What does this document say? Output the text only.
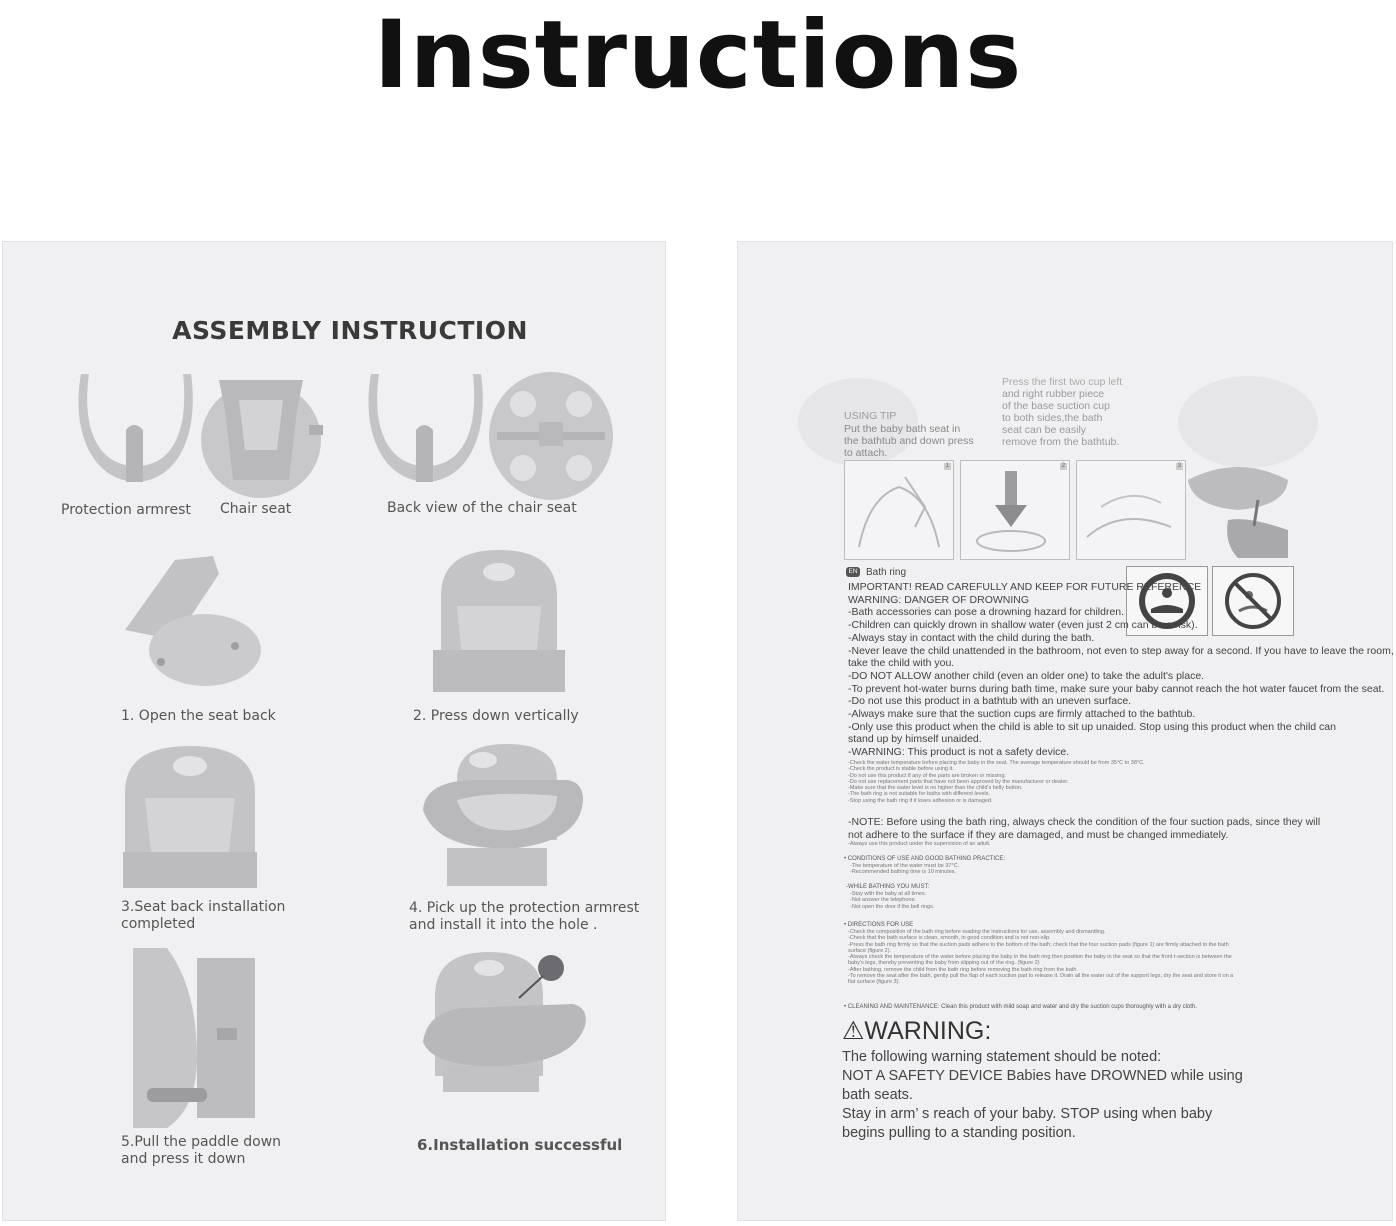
Instructions
ASSEMBLY INSTRUCTION
Protection armrest Chair seat	Back view of the chair seat
1. Open the seat back	2. Press down vertically
3.Seat back installation
completed
4. Pick up the protection armrest
and install it into the hole .
5.Pull the paddle down
and press it down
6.Installation successful
USING TIP
Put the baby bath seat in
the bathtub and down press
to attach.
Press the first two cup left
and right rubber piece
of the base suction cup
to both sides,the bath
seat can be easily
remove from the bathtub.
1	2	3
EN Bath ring
IMPORTANT! READ CAREFULLY AND KEEP FOR FUTURE REFERENCE
WARNING: DANGER OF DROWNING
-Bath accessories can pose a drowning hazard for children.
-Children can quickly drown in shallow water (even just 2 cm can be a risk).
-Always stay in contact with the child during the bath.
-Never leave the child unattended in the bathroom, not even to step away for a second. If you have to leave the room,
take the child with you.
-DO NOT ALLOW another child (even an older one) to take the adult's place.
-To prevent hot-water burns during bath time, make sure your baby cannot reach the hot water faucet from the seat.
-Do not use this product in a bathtub with an uneven surface.
-Always make sure that the suction cups are firmly attached to the bathtub.
-Only use this product when the child is able to sit up unaided. Stop using this product when the child can
stand up by himself unaided.
-WARNING: This product is not a safety device.
-Check the water temperature before placing the baby in the seat. The average temperature should be from 35°C to 38°C.
-Check the product is stable before using it.
-Do not use this product if any of the parts are broken or missing.
-Do not use replacement parts that have not been approved by the manufacturer or dealer.
-Make sure that the water level is no higher than the child's belly button.
-The bath ring is not suitable for baths with different levels.
-Stop using the bath ring if it loses adhesion or is damaged.
-NOTE: Before using the bath ring, always check the condition of the four suction pads, since they will
not adhere to the surface if they are damaged, and must be changed immediately.
-Always use this product under the supervision of an adult.
• CONDITIONS OF USE AND GOOD BATHING PRACTICE:
-The temperature of the water must be 37°C.
-Recommended bathing time is 10 minutes.
-WHILE BATHING YOU MUST:
-Stay with the baby at all times.
-Not answer the telephone.
-Not open the door if the bell rings.
• DIRECTIONS FOR USE
-Check the composition of the bath ring before reading the instructions for use, assembly and dismantling.
-Check that the bath surface is clean, smooth, in good condition and is not non-slip.
-Press the bath ring firmly so that the suction pads adhere to the bottom of the bath; check that the four suction pads (figure 1) are firmly attached to the bath
surface (figure 2).
-Always check the temperature of the water before placing the baby in the bath ring then position the baby in the seat so that the front t-section is between the
baby's legs, thereby preventing the baby from slipping out of the ring. (figure 2)
-After bathing, remove the child from the bath ring before removing the bath ring from the bath.
-To remove the seat after the bath, gently pull the flap of each suction pad to release it. Drain all the water out of the support legs, dry the seat and store it on a
flat surface (figure 3).
• CLEANING AND MAINTENANCE: Clean this product with mild soap and water and dry the suction cups thoroughly with a dry cloth.
⚠WARNING:
The following warning statement should be noted:
NOT A SAFETY DEVICE Babies have DROWNED while using
bath seats.
Stay in arm’ s reach of your baby. STOP using when baby
begins pulling to a standing position.
